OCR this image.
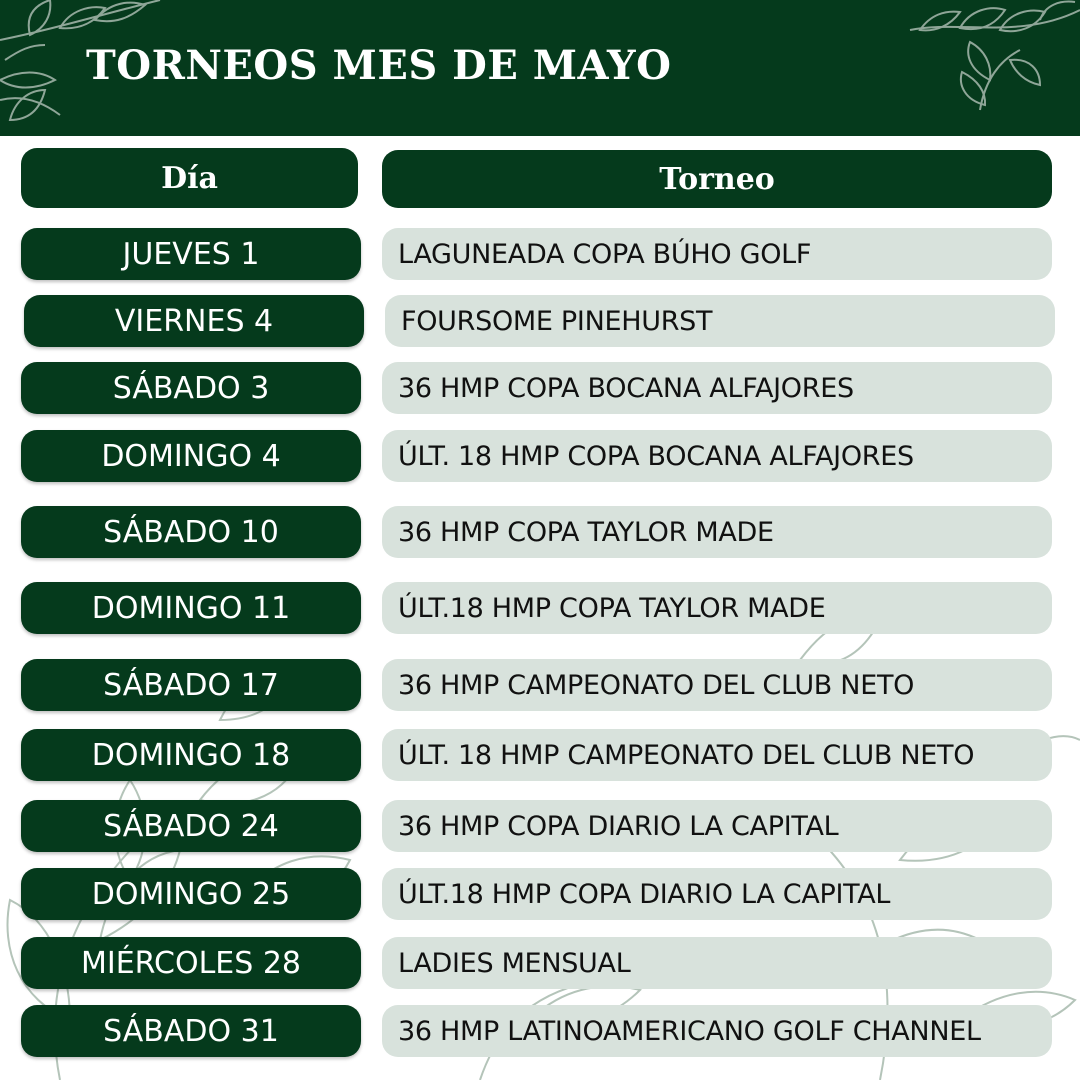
TORNEOS MES DE MAYO
Día	Torneo
JUEVES 1	LAGUNEADA COPA BÚHO GOLF
VIERNES 4	FOURSOME PINEHURST
SÁBADO 3	36 HMP COPA BOCANA ALFAJORES
DOMINGO 4	ÚLT. 18 HMP COPA BOCANA ALFAJORES
SÁBADO 10	36 HMP COPA TAYLOR MADE
DOMINGO 11	ÚLT.18 HMP COPA TAYLOR MADE
SÁBADO 17	36 HMP CAMPEONATO DEL CLUB NETO
DOMINGO 18	ÚLT. 18 HMP CAMPEONATO DEL CLUB NETO
SÁBADO 24	36 HMP COPA DIARIO LA CAPITAL
DOMINGO 25	ÚLT.18 HMP COPA DIARIO LA CAPITAL
MIÉRCOLES 28	LADIES MENSUAL
SÁBADO 31	36 HMP LATINOAMERICANO GOLF CHANNEL
